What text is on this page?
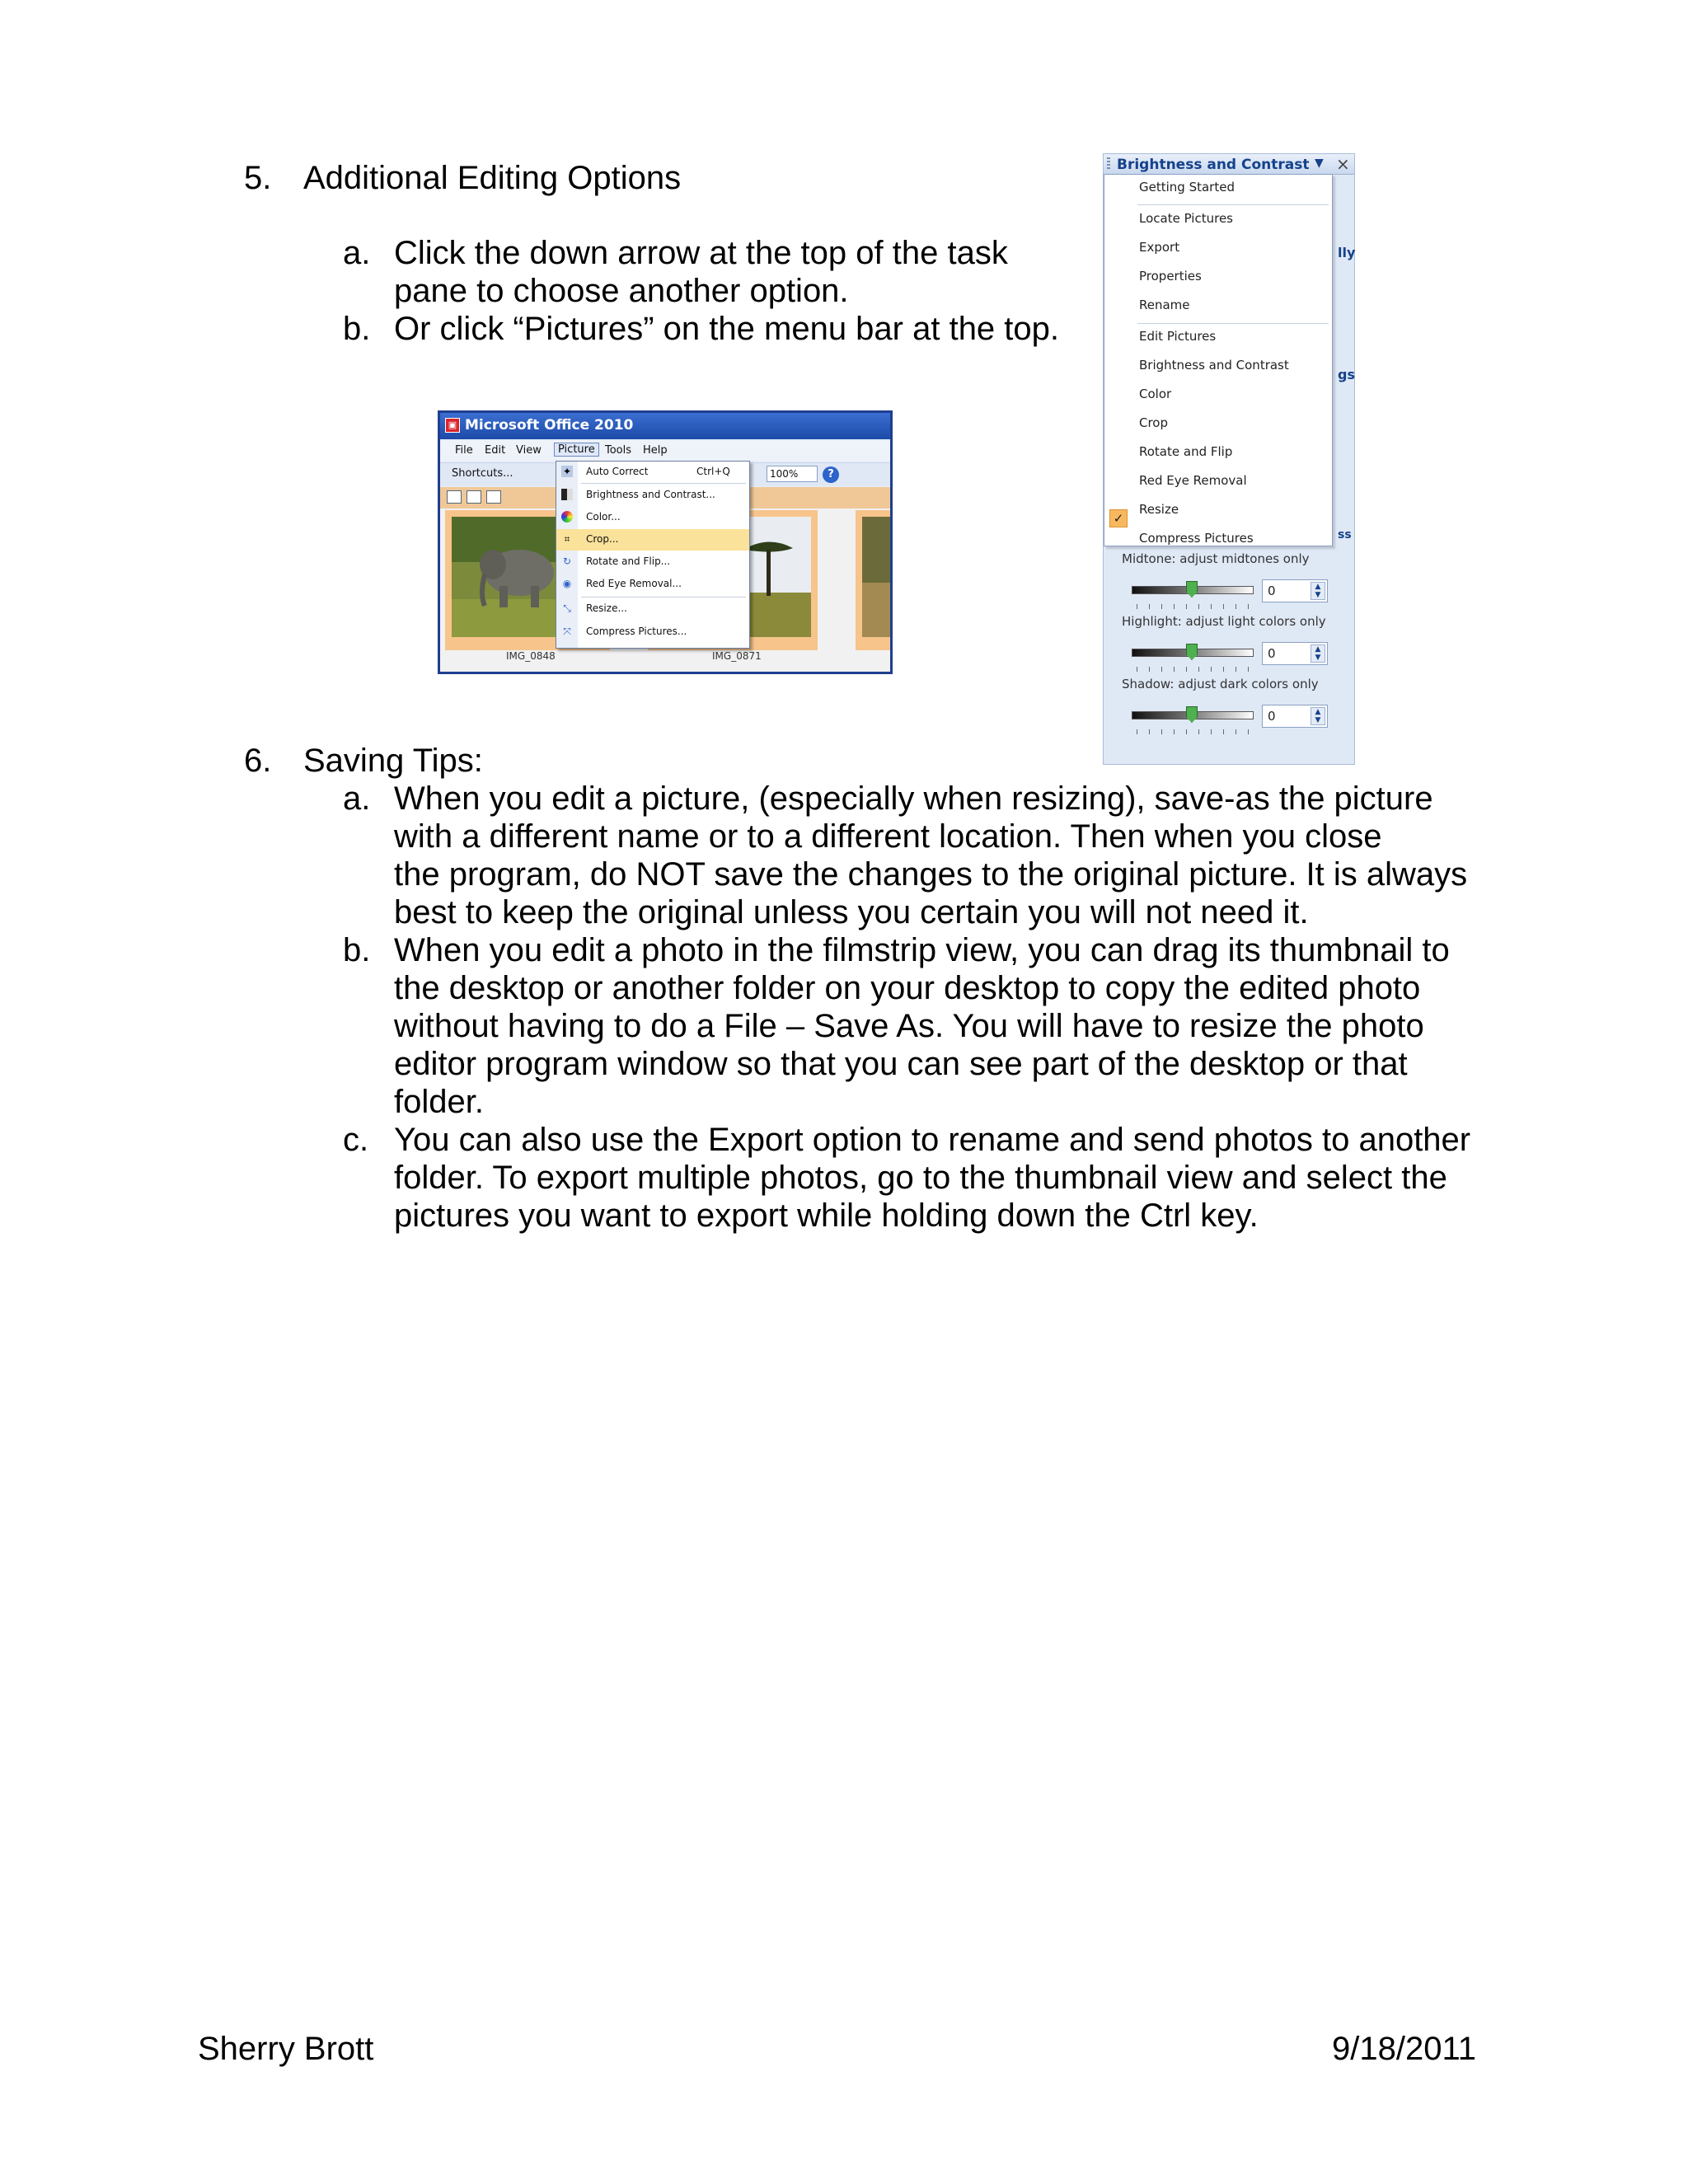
5. Additional Editing Options
a. Click the down arrow at the top of the task
pane to choose another option.
b. Or click “Pictures” on the menu bar at the top.
Brightness and Contrast ▼ ×
✓
Getting Started
Locate Pictures
Export
Properties
Rename
Edit Pictures
Brightness and Contrast
Color
Crop
Rotate and Flip
Red Eye Removal
Resize
Compress Pictures
lly
gs
ss
Midtone: adjust midtones only
0	▲
▼
Highlight: adjust light colors only
0	▲
▼
Shadow: adjust dark colors only
0	▲
▼
▣ Microsoft Office 2010
File Edit View	Picture Tools Help
Shortcuts...	100%	?
IMG_0848	IMG_0871
✦ Auto Correct	Ctrl+Q
Brightness and Contrast...
Color...
⌗	Crop...
↻ Rotate and Flip...
◉ Red Eye Removal...
⤡ Resize...
⤧ Compress Pictures...
6. Saving Tips:
a. When you edit a picture, (especially when resizing), save-as the picture
with a different name or to a different location. Then when you close
the program, do NOT save the changes to the original picture. It is always
best to keep the original unless you certain you will not need it.
b. When you edit a photo in the filmstrip view, you can drag its thumbnail to
the desktop or another folder on your desktop to copy the edited photo
without having to do a File – Save As. You will have to resize the photo
editor program window so that you can see part of the desktop or that
folder.
c. You can also use the Export option to rename and send photos to another
folder. To export multiple photos, go to the thumbnail view and select the
pictures you want to export while holding down the Ctrl key.
Sherry Brott	9/18/2011
